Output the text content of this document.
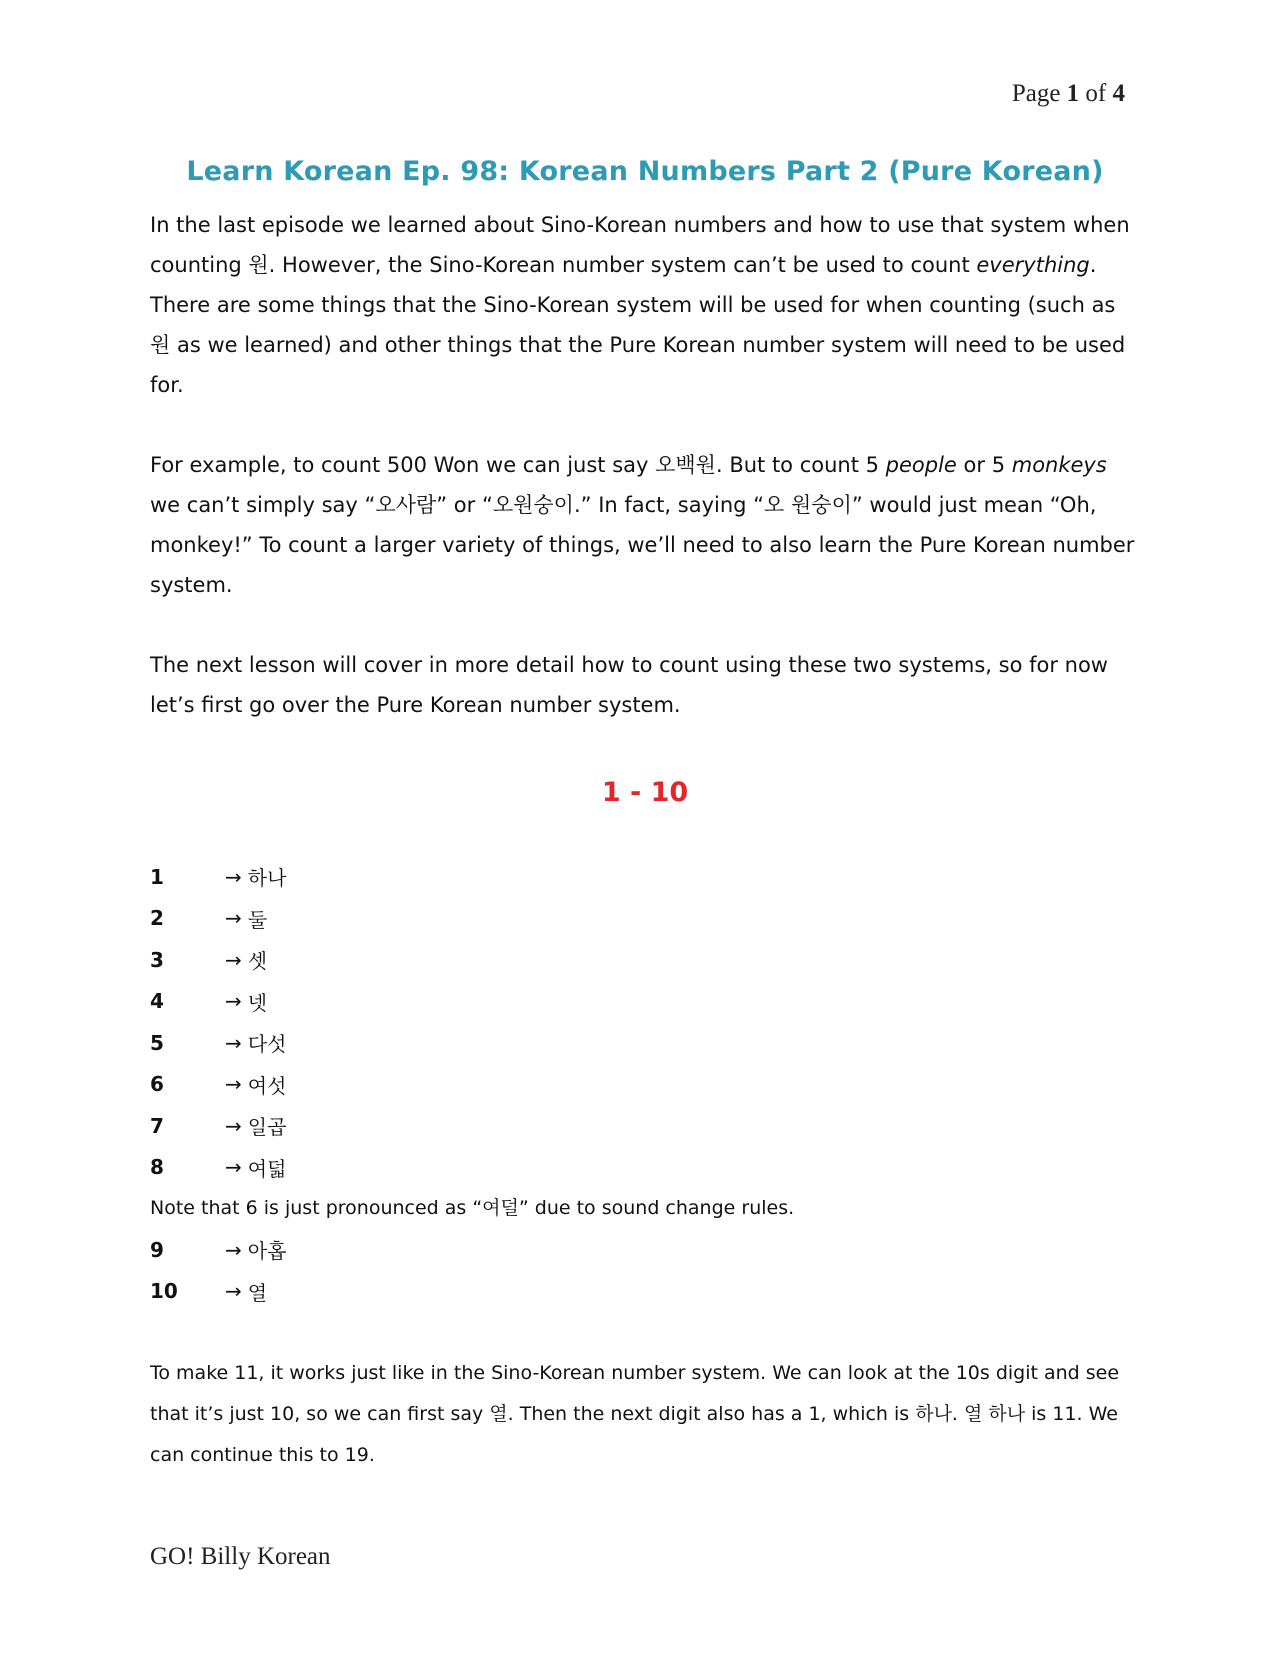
Page 1 of 4
Learn Korean Ep. 98: Korean Numbers Part 2 (Pure Korean)

In the last episode we learned about Sino-Korean numbers and how to use that system when counting 원. However, the Sino-Korean number system can’t be used to count everything. There are some things that the Sino-Korean system will be used for when counting (such as 원 as we learned) and other things that the Pure Korean number system will need to be used for.

For example, to count 500 Won we can just say 오백원. But to count 5 people or 5 monkeys we can’t simply say “오사람” or “오원숭이.” In fact, saying “오 원숭이” would just mean “Oh, monkey!” To count a larger variety of things, we’ll need to also learn the Pure Korean number system.

The next lesson will cover in more detail how to count using these two systems, so for now let’s first go over the Pure Korean number system.

1 - 10
1	→ 하나
2	→ 둘
3	→ 셋
4	→ 넷
5	→ 다섯
6	→ 여섯
7	→ 일곱
8	→ 여덟
Note that 6 is just pronounced as “여덜” due to sound change rules.
9	→ 아홉
10	→ 열

To make 11, it works just like in the Sino-Korean number system. We can look at the 10s digit and see that it’s just 10, so we can first say 열. Then the next digit also has a 1, which is 하나. 열 하나 is 11. We can continue this to 19.

GO! Billy Korean
